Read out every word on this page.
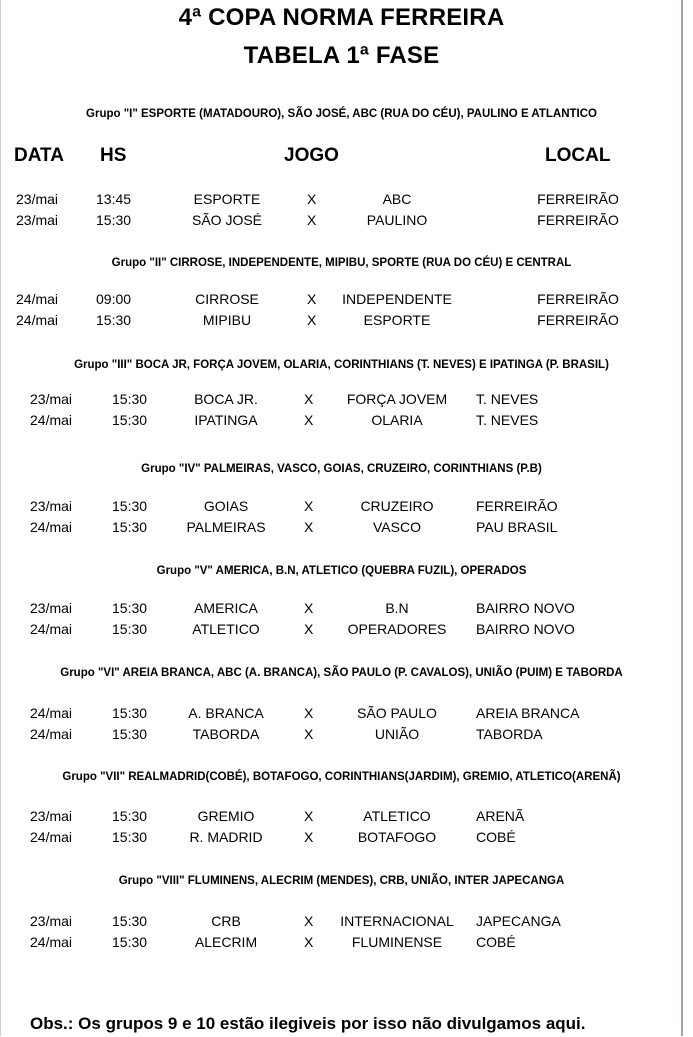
4ª COPA NORMA FERREIRA
TABELA 1ª FASE
DATA HS	JOGO	LOCAL
Grupo "I" ESPORTE (MATADOURO), SÃO JOSÉ, ABC (RUA DO CÉU), PAULINO E ATLANTICO
23/mai	13:45	ESPORTE	X	ABC	FERREIRÃO
23/mai	15:30	SÃO JOSÉ	X	PAULINO	FERREIRÃO
Grupo "II" CIRROSE, INDEPENDENTE, MIPIBU, SPORTE (RUA DO CÉU) E CENTRAL
24/mai	09:00	CIRROSE	X	INDEPENDENTE	FERREIRÃO
24/mai	15:30	MIPIBU	X	ESPORTE	FERREIRÃO
Grupo "III" BOCA JR, FORÇA JOVEM, OLARIA, CORINTHIANS (T. NEVES) E IPATINGA (P. BRASIL)
23/mai	15:30	BOCA JR.	X	FORÇA JOVEM	T. NEVES
24/mai	15:30	IPATINGA	X	OLARIA	T. NEVES
Grupo "IV" PALMEIRAS, VASCO, GOIAS, CRUZEIRO, CORINTHIANS (P.B)
23/mai	15:30	GOIAS	X	CRUZEIRO	FERREIRÃO
24/mai	15:30	PALMEIRAS	X	VASCO	PAU BRASIL
Grupo "V" AMERICA, B.N, ATLETICO (QUEBRA FUZIL), OPERADOS
23/mai	15:30	AMERICA	X	B.N	BAIRRO NOVO
24/mai	15:30	ATLETICO	X	OPERADORES	BAIRRO NOVO
Grupo "VI" AREIA BRANCA, ABC (A. BRANCA), SÃO PAULO (P. CAVALOS), UNIÃO (PUIM) E TABORDA
24/mai	15:30	A. BRANCA	X	SÃO PAULO	AREIA BRANCA
24/mai	15:30	TABORDA	X	UNIÃO	TABORDA
Grupo "VII" REALMADRID(COBÉ), BOTAFOGO, CORINTHIANS(JARDIM), GREMIO, ATLETICO(ARENÃ)
23/mai	15:30	GREMIO	X	ATLETICO	ARENÃ
24/mai	15:30	R. MADRID	X	BOTAFOGO	COBÉ
Grupo "VIII" FLUMINENS, ALECRIM (MENDES), CRB, UNIÃO, INTER JAPECANGA
23/mai	15:30	CRB	X	INTERNACIONAL	JAPECANGA
24/mai	15:30	ALECRIM	X	FLUMINENSE	COBÉ
Obs.: Os grupos 9 e 10 estão ilegiveis por isso não divulgamos aqui.
